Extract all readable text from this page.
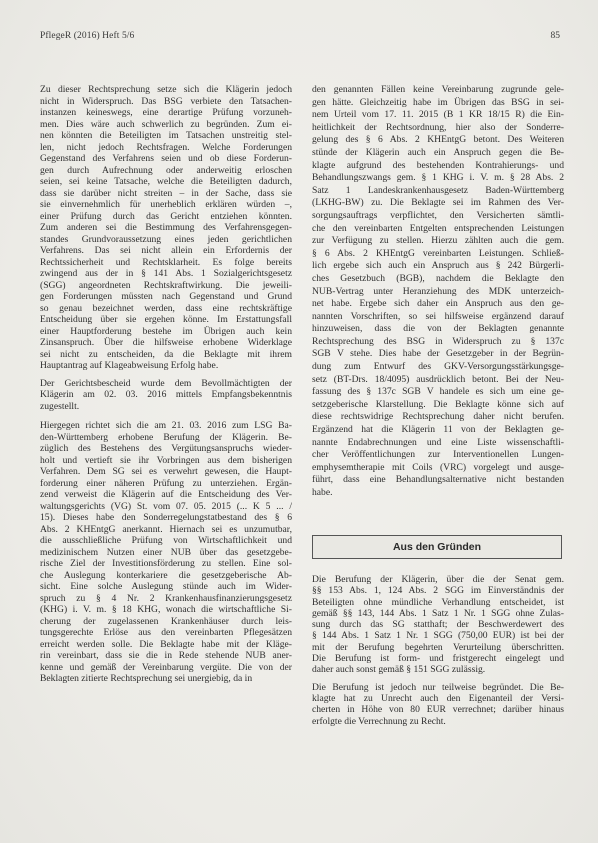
PflegeR (2016) Heft 5/6	85

Zu dieser Rechtsprechung setze sich die Klägerin jedoch
nicht in Widerspruch. Das BSG verbiete den Tatsachen-
instanzen keineswegs, eine derartige Prüfung vorzuneh-
men. Dies wäre auch schwerlich zu begründen. Zum ei-
nen könnten die Beteiligten im Tatsachen unstreitig stel-
len, nicht jedoch Rechtsfragen. Welche Forderungen
Gegenstand des Verfahrens seien und ob diese Forderun-
gen durch Aufrechnung oder anderweitig erloschen
seien, sei keine Tatsache, welche die Beteiligten dadurch,
dass sie darüber nicht streiten – in der Sache, dass sie
sie einvernehmlich für unerheblich erklären würden –,
einer Prüfung durch das Gericht entziehen könnten.
Zum anderen sei die Bestimmung des Verfahrensgegen-
standes Grundvoraussetzung eines jeden gerichtlichen
Verfahrens. Das sei nicht allein ein Erfordernis der
Rechtssicherheit und Rechtsklarheit. Es folge bereits
zwingend aus der in § 141 Abs. 1 Sozialgerichtsgesetz
(SGG) angeordneten Rechtskraftwirkung. Die jeweili-
gen Forderungen müssten nach Gegenstand und Grund
so genau bezeichnet werden, dass eine rechtskräftige
Entscheidung über sie ergehen könne. Im Erstattungsfall
einer Hauptforderung bestehe im Übrigen auch kein
Zinsanspruch. Über die hilfsweise erhobene Widerklage
sei nicht zu entscheiden, da die Beklagte mit ihrem
Hauptantrag auf Klageabweisung Erfolg habe.

Der Gerichtsbescheid wurde dem Bevollmächtigten der
Klägerin am 02. 03. 2016 mittels Empfangsbekenntnis
zugestellt.

Hiergegen richtet sich die am 21. 03. 2016 zum LSG Ba-
den-Württemberg erhobene Berufung der Klägerin. Be-
züglich des Bestehens des Vergütungsanspruchs wieder-
holt und vertieft sie ihr Vorbringen aus dem bisherigen
Verfahren. Dem SG sei es verwehrt gewesen, die Haupt-
forderung einer näheren Prüfung zu unterziehen. Ergän-
zend verweist die Klägerin auf die Entscheidung des Ver-
waltungsgerichts (VG) St. vom 07. 05. 2015 (... K 5 ... /
15). Dieses habe den Sonderregelungstatbestand des § 6
Abs. 2 KHEntgG anerkannt. Hiernach sei es unzumutbar,
die ausschließliche Prüfung von Wirtschaftlichkeit und
medizinischem Nutzen einer NUB über das gesetzgebe-
rische Ziel der Investitionsförderung zu stellen. Eine sol-
che Auslegung konterkariere die gesetzgeberische Ab-
sicht. Eine solche Auslegung stünde auch im Wider-
spruch zu § 4 Nr. 2 Krankenhausfinanzierungsgesetz
(KHG) i. V. m. § 18 KHG, wonach die wirtschaftliche Si-
cherung der zugelassenen Krankenhäuser durch leis-
tungsgerechte Erlöse aus den vereinbarten Pflegesätzen
erreicht werden solle. Die Beklagte habe mit der Kläge-
rin vereinbart, dass sie die in Rede stehende NUB aner-
kenne und gemäß der Vereinbarung vergüte. Die von der
Beklagten zitierte Rechtsprechung sei unergiebig, da in

den genannten Fällen keine Vereinbarung zugrunde gele-
gen hätte. Gleichzeitig habe im Übrigen das BSG in sei-
nem Urteil vom 17. 11. 2015 (B 1 KR 18/15 R) die Ein-
heitlichkeit der Rechtsordnung, hier also der Sonderre-
gelung des § 6 Abs. 2 KHEntgG betont. Des Weiteren
stünde der Klägerin auch ein Anspruch gegen die Be-
klagte aufgrund des bestehenden Kontrahierungs- und
Behandlungszwangs gem. § 1 KHG i. V. m. § 28 Abs. 2
Satz 1 Landeskrankenhausgesetz Baden-Württemberg
(LKHG-BW) zu. Die Beklagte sei im Rahmen des Ver-
sorgungsauftrags verpflichtet, den Versicherten sämtli-
che den vereinbarten Entgelten entsprechenden Leistungen
zur Verfügung zu stellen. Hierzu zählten auch die gem.
§ 6 Abs. 2 KHEntgG vereinbarten Leistungen. Schließ-
lich ergebe sich auch ein Anspruch aus § 242 Bürgerli-
ches Gesetzbuch (BGB), nachdem die Beklagte den
NUB-Vertrag unter Heranziehung des MDK unterzeich-
net habe. Ergebe sich daher ein Anspruch aus den ge-
nannten Vorschriften, so sei hilfsweise ergänzend darauf
hinzuweisen, dass die von der Beklagten genannte
Rechtsprechung des BSG in Widerspruch zu § 137c
SGB V stehe. Dies habe der Gesetzgeber in der Begrün-
dung zum Entwurf des GKV-Versorgungsstärkungsge-
setz (BT-Drs. 18/4095) ausdrücklich betont. Bei der Neu-
fassung des § 137c SGB V handele es sich um eine ge-
setzgeberische Klarstellung. Die Beklagte könne sich auf
diese rechtswidrige Rechtsprechung daher nicht berufen.
Ergänzend hat die Klägerin 11 von der Beklagten ge-
nannte Endabrechnungen und eine Liste wissenschaftli-
cher Veröffentlichungen zur Interventionellen Lungen-
emphysemtherapie mit Coils (VRC) vorgelegt und ausge-
führt, dass eine Behandlungsalternative nicht bestanden
habe.

Aus den Gründen

Die Berufung der Klägerin, über die der Senat gem.
§§ 153 Abs. 1, 124 Abs. 2 SGG im Einverständnis der
Beteiligten ohne mündliche Verhandlung entscheidet, ist
gemäß §§ 143, 144 Abs. 1 Satz 1 Nr. 1 SGG ohne Zulas-
sung durch das SG statthaft; der Beschwerdewert des
§ 144 Abs. 1 Satz 1 Nr. 1 SGG (750,00 EUR) ist bei der
mit der Berufung begehrten Verurteilung überschritten.
Die Berufung ist form- und fristgerecht eingelegt und
daher auch sonst gemäß § 151 SGG zulässig.

Die Berufung ist jedoch nur teilweise begründet. Die Be-
klagte hat zu Unrecht auch den Eigenanteil der Versi-
cherten in Höhe von 80 EUR verrechnet; darüber hinaus
erfolgte die Verrechnung zu Recht.
